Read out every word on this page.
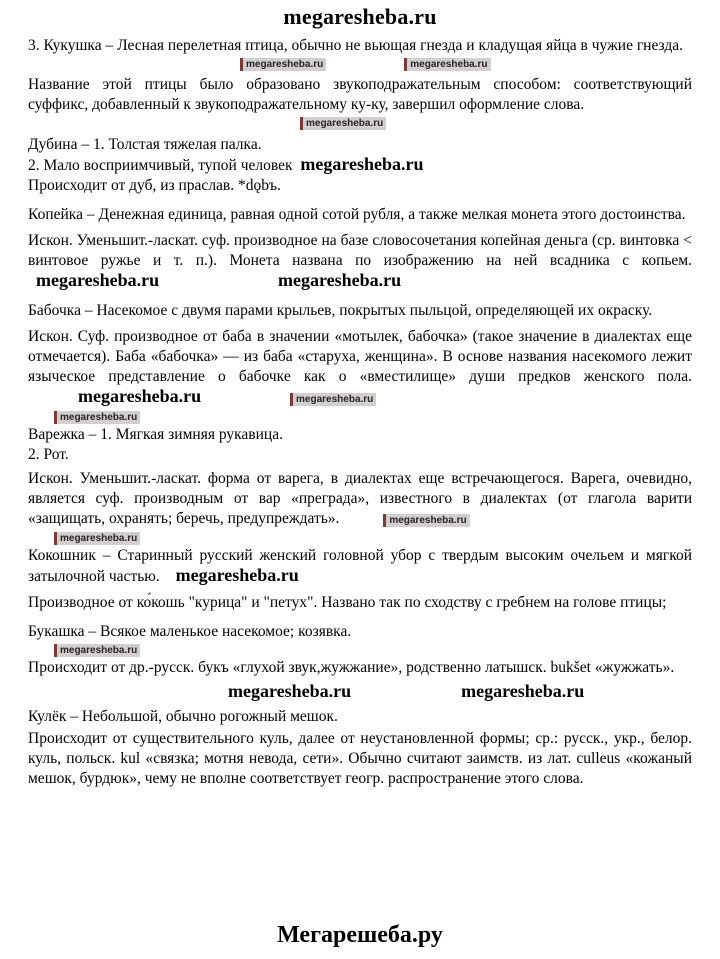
megaresheba.ru

3. Кукушка – Лесная перелетная птица, обычно не вьющая гнезда и кладущая яйца в чужие гнезда.

megaresheba.ru	megaresheba.ru

Название этой птицы было образовано звукоподражательным способом: соответствующий суффикс, добавленный к звукоподражательному ку-ку, завершил оформление слова.

megaresheba.ru

Дубина – 1. Толстая тяжелая палка.

2. Мало восприимчивый, тупой человек megaresheba.ru

Происходит от дуб, из праслав. *dǫbъ.

Копейка – Денежная единица, равная одной сотой рубля, а также мелкая монета этого достоинства.

Искон. Уменьшит.-ласкат. суф. производное на базе словосочетания копейная деньга (ср. винтовка < винтовое ружье и т. п.). Монета названа по изображению на ней всадника с копьем. megaresheba.ru	megaresheba.ru

Бабочка – Насекомое с двумя парами крыльев, покрытых пыльцой, определяющей их окраску.

Искон. Суф. производное от баба в значении «мотылек, бабочка» (такое значение в диалектах еще отмечается). Баба «бабочка» — из баба «старуха, женщина». В основе названия насекомого лежит языческое представление о бабочке как о «вместилище» души предков женского пола. megaresheba.ru	megaresheba.ru

megaresheba.ru

Варежка – 1. Мягкая зимняя рукавица.

2. Рот.

Искон. Уменьшит.-ласкат. форма от варега, в диалектах еще встречающегося. Варега, очевидно, является суф. производным от вар «преграда», известного в диалектах (от глагола варити «защищать, охранять; беречь, предупреждать».	megaresheba.ru

megaresheba.ru

Кокошник – Старинный русский женский головной убор с твердым высоким очельем и мягкой затылочной частью. megaresheba.ru

Производное от ко́кошь "курица" и "петух". Названо так по сходству с гребнем на голове птицы;

Букашка – Всякое маленькое насекомое; козявка.

megaresheba.ru

Происходит от др.-русск. букъ «глухой звук,жужжание», родственно латышск. bukšet «жужжать».

megaresheba.ru	megaresheba.ru

Кулёк – Небольшой, обычно рогожный мешок.

Происходит от существительного куль, далее от неустановленной формы; ср.: русск., укр., белор. куль, польск. kul «связка; мотня невода, сети». Обычно считают заимств. из лат. culleus «кожаный мешок, бурдюк», чему не вполне соответствует геогр. распространение этого слова.

Мегарешеба.ру
